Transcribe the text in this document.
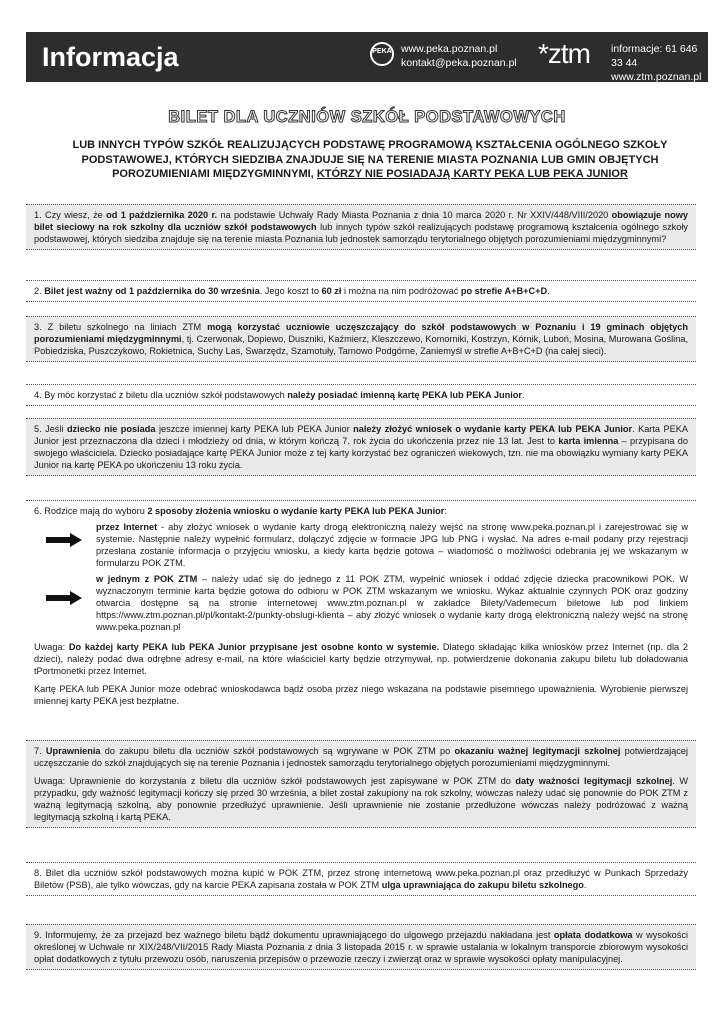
Informacja	PEKA www.peka.poznan.pl
kontakt@peka.poznan.pl *ztm informacje: 61 646 33 44
www.ztm.poznan.pl
BILET DLA UCZNIÓW SZKÓŁ PODSTAWOWYCH
LUB INNYCH TYPÓW SZKÓŁ REALIZUJĄCYCH PODSTAWĘ PROGRAMOWĄ KSZTAŁCENIA OGÓLNEGO SZKOŁY PODSTAWOWEJ, KTÓRYCH SIEDZIBA ZNAJDUJE SIĘ NA TERENIE MIASTA POZNANIA LUB GMIN OBJĘTYCH POROZUMIENIAMI MIĘDZYGMINNYMI, KTÓRZY NIE POSIADAJĄ KARTY PEKA LUB PEKA JUNIOR

1. Czy wiesz, że od 1 października 2020 r. na podstawie Uchwały Rady Miasta Poznania z dnia 10 marca 2020 r. Nr XXIV/448/VIII/2020 obowiązuje nowy bilet sieciowy na rok szkolny dla uczniów szkół podstawowych lub innych typów szkół realizujących podstawę programową kształcenia ogólnego szkoły podstawowej, których siedziba znajduje się na terenie miasta Poznania lub jednostek samorządu terytorialnego objętych porozumieniami międzygminnymi?

2. Bilet jest ważny od 1 października do 30 września. Jego koszt to 60 zł i można na nim podróżować po strefie A+B+C+D.

3. Z biletu szkolnego na liniach ZTM mogą korzystać uczniowie uczęszczający do szkół podstawowych w Poznaniu i 19 gminach objętych porozumieniami międzygminnymi, tj. Czerwonak, Dopiewo, Duszniki, Kaźmierz, Kleszczewo, Komorniki, Kostrzyn, Kórnik, Luboń, Mosina, Murowana Goślina, Pobiedziska, Puszczykowo, Rokietnica, Suchy Las, Swarzędz, Szamotuły, Tarnowo Podgórne, Zaniemyśl w strefie A+B+C+D (na całej sieci).

4. By móc korzystać z biletu dla uczniów szkół podstawowych należy posiadać imienną kartę PEKA lub PEKA Junior.

5. Jeśli dziecko nie posiada jeszcze imiennej karty PEKA lub PEKA Junior należy złożyć wniosek o wydanie karty PEKA lub PEKA Junior. Karta PEKA Junior jest przeznaczona dla dzieci i młodzieży od dnia, w którym kończą 7. rok życia do ukończenia przez nie 13 lat. Jest to karta imienna – przypisana do swojego właściciela. Dziecko posiadające kartę PEKA Junior może z tej karty korzystać bez ograniczeń wiekowych, tzn. nie ma obowiązku wymiany karty PEKA Junior na kartę PEKA po ukończeniu 13 roku życia.

6. Rodzice mają do wyboru 2 sposoby złożenia wniosku o wydanie karty PEKA lub PEKA Junior:

przez Internet - aby złożyć wniosek o wydanie karty drogą elektroniczną należy wejść na stronę www.peka.poznan.pl i zarejestrować się w systemie. Następnie należy wypełnić formularz, dołączyć zdjęcie w formacie JPG lub PNG i wysłać. Na adres e-mail podany przy rejestracji przesłana zostanie informacja o przyjęciu wniosku, a kiedy karta będzie gotowa – wiadomość o możliwości odebrania jej we wskazanym w formularzu POK ZTM.

w jednym z POK ZTM – należy udać się do jednego z 11 POK ZTM, wypełnić wniosek i oddać zdjęcie dziecka pracownikowi POK. W wyznaczonym terminie karta będzie gotowa do odbioru w POK ZTM wskazanym we wniosku. Wykaz aktualnie czynnych POK oraz godziny otwarcia dostępne są na stronie internetowej www.ztm.poznan.pl w zakładce Bilety/Vademecum biletowe lub pod linkiem https://www.ztm.poznan.pl/pl/kontakt-2/punkty-obslugi-klienta – aby złożyć wniosek o wydanie karty drogą elektroniczną należy wejść na stronę www.peka.poznan.pl

Uwaga: Do każdej karty PEKA lub PEKA Junior przypisane jest osobne konto w systemie. Dlatego składając kilka wniosków przez Internet (np. dla 2 dzieci), należy podać dwa odrębne adresy e-mail, na które właściciel karty będzie otrzymywał, np. potwierdzenie dokonania zakupu biletu lub doładowania tPortmonetki przez Internet.

Kartę PEKA lub PEKA Junior może odebrać wnioskodawca bądź osoba przez niego wskazana na podstawie pisemnego upoważnienia. Wyrobienie pierwszej imiennej karty PEKA jest bezpłatne.

7. Uprawnienia do zakupu biletu dla uczniów szkół podstawowych są wgrywane w POK ZTM po okazaniu ważnej legitymacji szkolnej potwierdzającej uczęszczanie do szkół znajdujących się na terenie Poznania i jednostek samorządu terytorialnego objętych porozumieniami międzygminnymi.

Uwaga: Uprawnienie do korzystania z biletu dla uczniów szkół podstawowych jest zapisywane w POK ZTM do daty ważności legitymacji szkolnej. W przypadku, gdy ważność legitymacji kończy się przed 30 września, a bilet został zakupiony na rok szkolny, wówczas należy udać się ponownie do POK ZTM z ważną legitymacją szkolną, aby ponownie przedłużyć uprawnienie. Jeśli uprawnienie nie zostanie przedłużone wówczas należy podróżować z ważną legitymacją szkolną i kartą PEKA.

8. Bilet dla uczniów szkół podstawowych można kupić w POK ZTM, przez stronę internetową www.peka.poznan.pl oraz przedłużyć w Punkach Sprzedaży Biletów (PSB), ale tylko wówczas, gdy na karcie PEKA zapisana została w POK ZTM ulga uprawniająca do zakupu biletu szkolnego.

9. Informujemy, że za przejazd bez ważnego biletu bądź dokumentu uprawniającego do ulgowego przejazdu nakładana jest opłata dodatkowa w wysokości określonej w Uchwale nr XIX/248/VII/2015 Rady Miasta Poznania z dnia 3 listopada 2015 r. w sprawie ustalania w lokalnym transporcie zbiorowym wysokości opłat dodatkowych z tytułu przewozu osób, naruszenia przepisów o przewozie rzeczy i zwierząt oraz w sprawie wysokości opłaty manipulacyjnej.
